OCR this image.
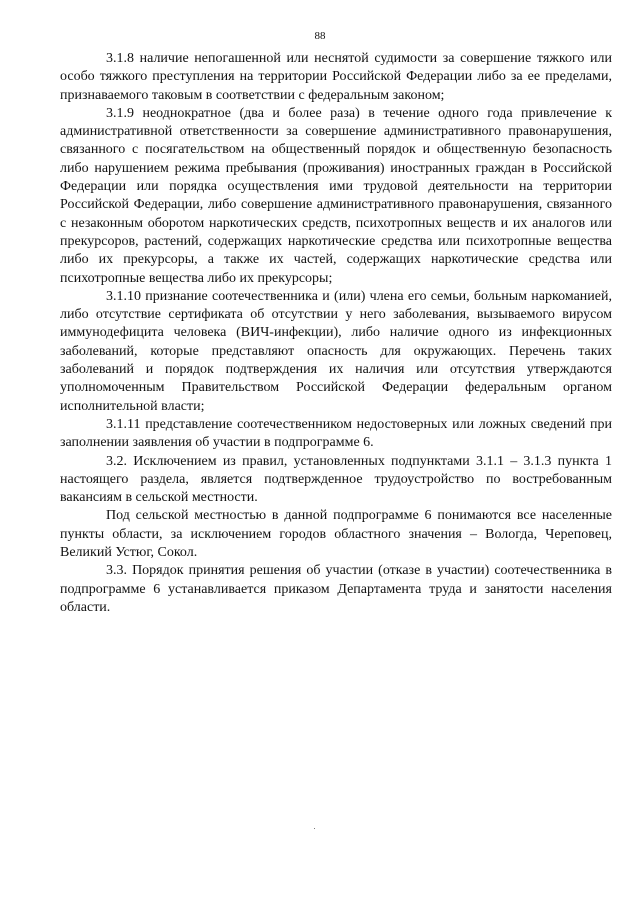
88

3.1.8 наличие непогашенной или неснятой судимости за совершение тяжкого или особо тяжкого преступления на территории Российской Федерации либо за ее пределами, признаваемого таковым в соответствии с федеральным законом;

3.1.9 неоднократное (два и более раза) в течение одного года привлечение к административной ответственности за совершение административного правонарушения, связанного с посягательством на общественный порядок и общественную безопасность либо нарушением режима пребывания (проживания) иностранных граждан в Российской Федерации или порядка осуществления ими трудовой деятельности на территории Российской Федерации, либо совершение административного правонарушения, связанного с незаконным оборотом наркотических средств, психотропных веществ и их аналогов или прекурсоров, растений, содержащих наркотические средства или психотропные вещества либо их прекурсоры, а также их частей, содержащих наркотические средства или психотропные вещества либо их прекурсоры;

3.1.10 признание соотечественника и (или) члена его семьи, больным наркоманией, либо отсутствие сертификата об отсутствии у него заболевания, вызываемого вирусом иммунодефицита человека (ВИЧ-инфекции), либо наличие одного из инфекционных заболеваний, которые представляют опасность для окружающих. Перечень таких заболеваний и порядок подтверждения их наличия или отсутствия утверждаются уполномоченным Правительством Российской Федерации федеральным органом исполнительной власти;

3.1.11 представление соотечественником недостоверных или ложных сведений при заполнении заявления об участии в подпрограмме 6.

3.2. Исключением из правил, установленных подпунктами 3.1.1 – 3.1.3 пункта 1 настоящего раздела, является подтвержденное трудоустройство по востребованным вакансиям в сельской местности.

Под сельской местностью в данной подпрограмме 6 понимаются все населенные пункты области, за исключением городов областного значения – Вологда, Череповец, Великий Устюг, Сокол.

3.3. Порядок принятия решения об участии (отказе в участии) соотечественника в подпрограмме 6 устанавливается приказом Департамента труда и занятости населения области.
